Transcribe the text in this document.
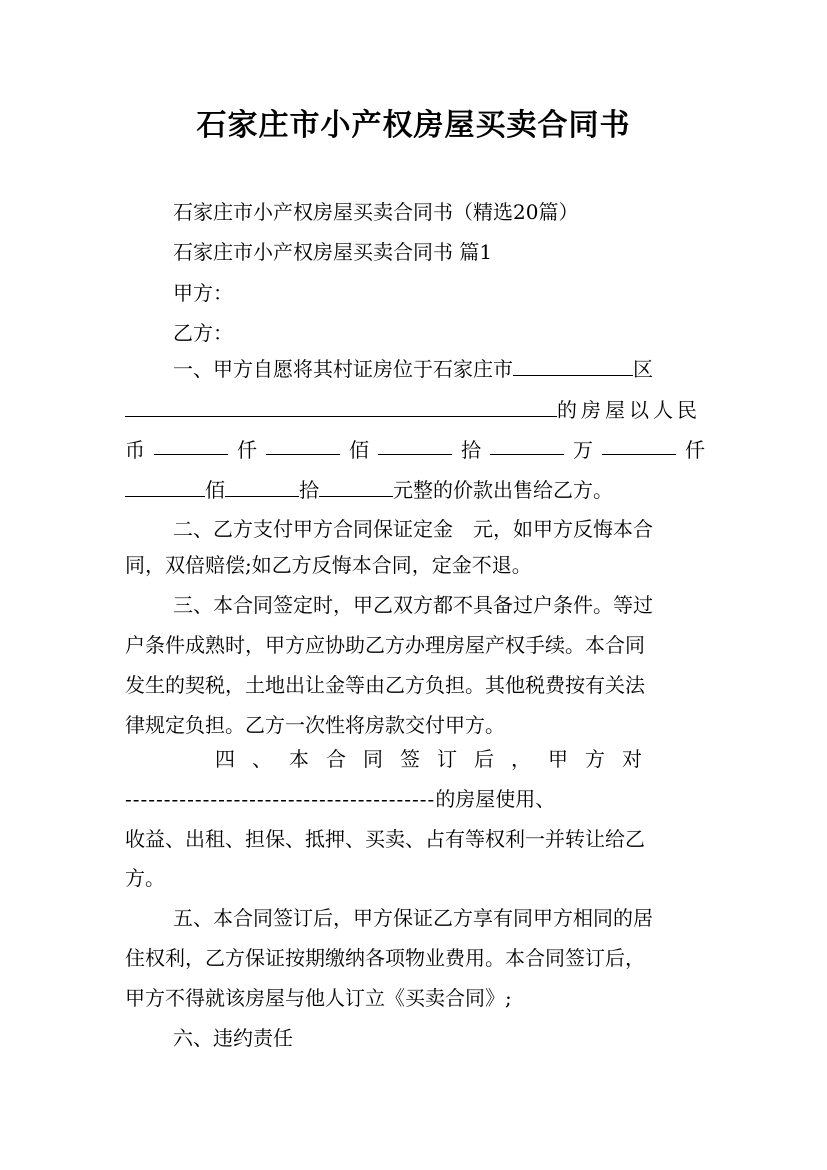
石家庄市小产权房屋买卖合同书
石家庄市小产权房屋买卖合同书（精选20篇）
石家庄市小产权房屋买卖合同书 篇1
甲方：
乙方：
一、甲方自愿将其村证房位于石家庄市	区
的房屋以人民
币	仟	佰	拾	万	仟
佰	拾	元整的价款出售给乙方。
二、乙方支付甲方合同保证定金　元，如甲方反悔本合
同，双倍赔偿;如乙方反悔本合同，定金不退。
三、本合同签定时，甲乙双方都不具备过户条件。等过
户条件成熟时，甲方应协助乙方办理房屋产权手续。本合同
发生的契税，土地出让金等由乙方负担。其他税费按有关法
律规定负担。乙方一次性将房款交付甲方。
四、本合同签订后，甲方对
----------------------------------------的房屋使用、
收益、出租、担保、抵押、买卖、占有等权利一并转让给乙
方。
五、本合同签订后，甲方保证乙方享有同甲方相同的居
住权利，乙方保证按期缴纳各项物业费用。本合同签订后，
甲方不得就该房屋与他人订立《买卖合同》;
六、违约责任
